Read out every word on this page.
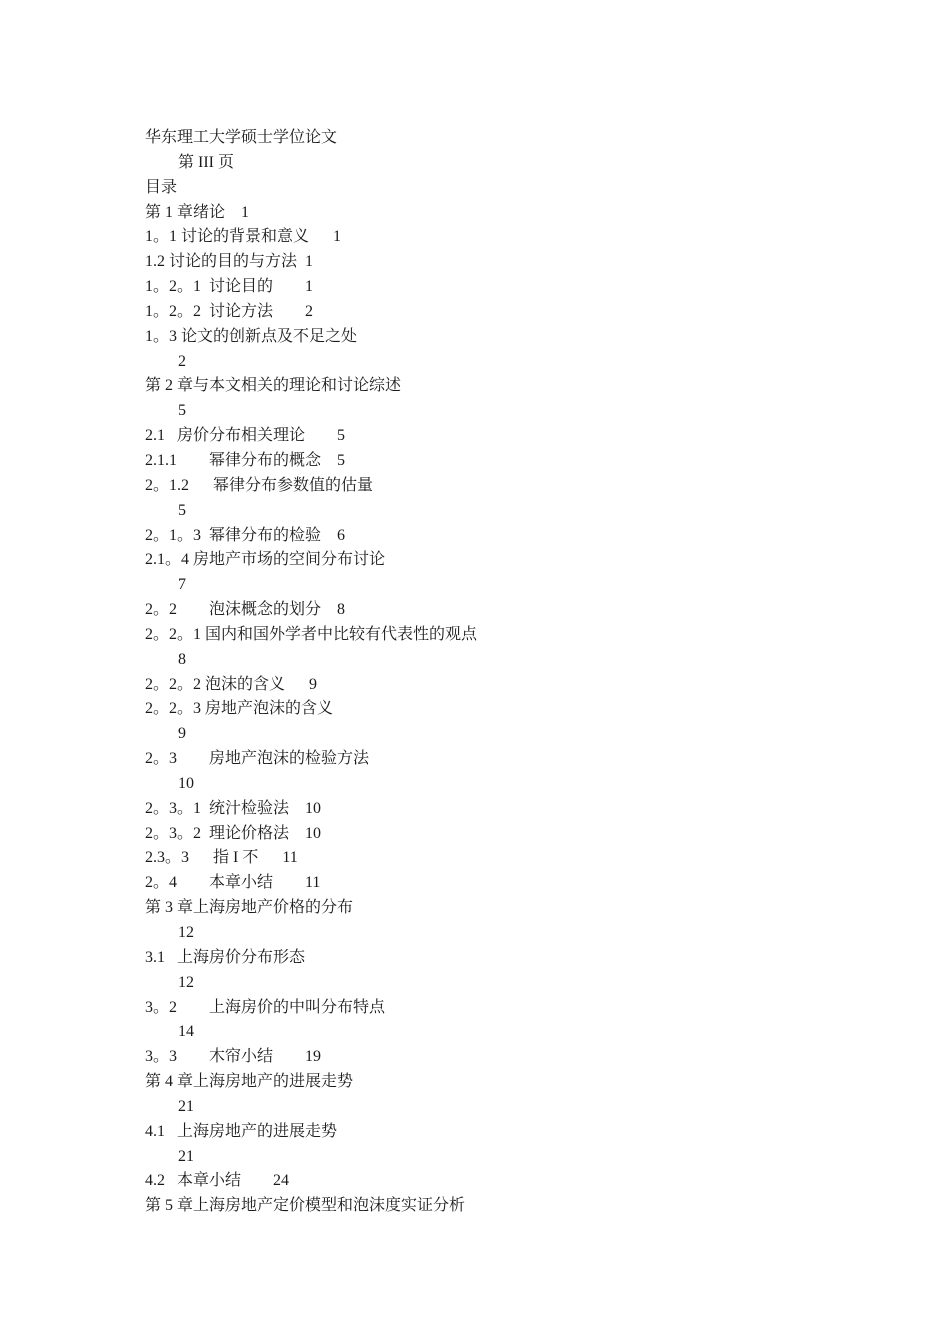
华东理工大学硕士学位论文
第 III 页
目录
第 1 章绪论    1
1。1 讨论的背景和意义      1
1.2 讨论的目的与方法  1
1。2。1  讨论目的        1
1。2。2  讨论方法        2
1。3 论文的创新点及不足之处
2
第 2 章与本文相关的理论和讨论综述
5
2.1   房价分布相关理论        5
2.1.1        幂律分布的概念    5
2。1.2      幂律分布参数值的估量
5
2。1。3  幂律分布的检验    6
2.1。4 房地产市场的空间分布讨论
7
2。2        泡沫概念的划分    8
2。2。1 国内和国外学者中比较有代表性的观点
8
2。2。2 泡沫的含义      9
2。2。3 房地产泡沫的含义
9
2。3        房地产泡沫的检验方法
10
2。3。1  统汁检验法    10
2。3。2  理论价格法    10
2.3。3      指 I 不      11
2。4        本章小结        11
第 3 章上海房地产价格的分布
12
3.1   上海房价分布形态
12
3。2        上海房价的中叫分布特点
14
3。3        木帘小结        19
第 4 章上海房地产的进展走势
21
4.1   上海房地产的进展走势
21
4.2   本章小结        24
第 5 章上海房地产定价模型和泡沫度实证分析
